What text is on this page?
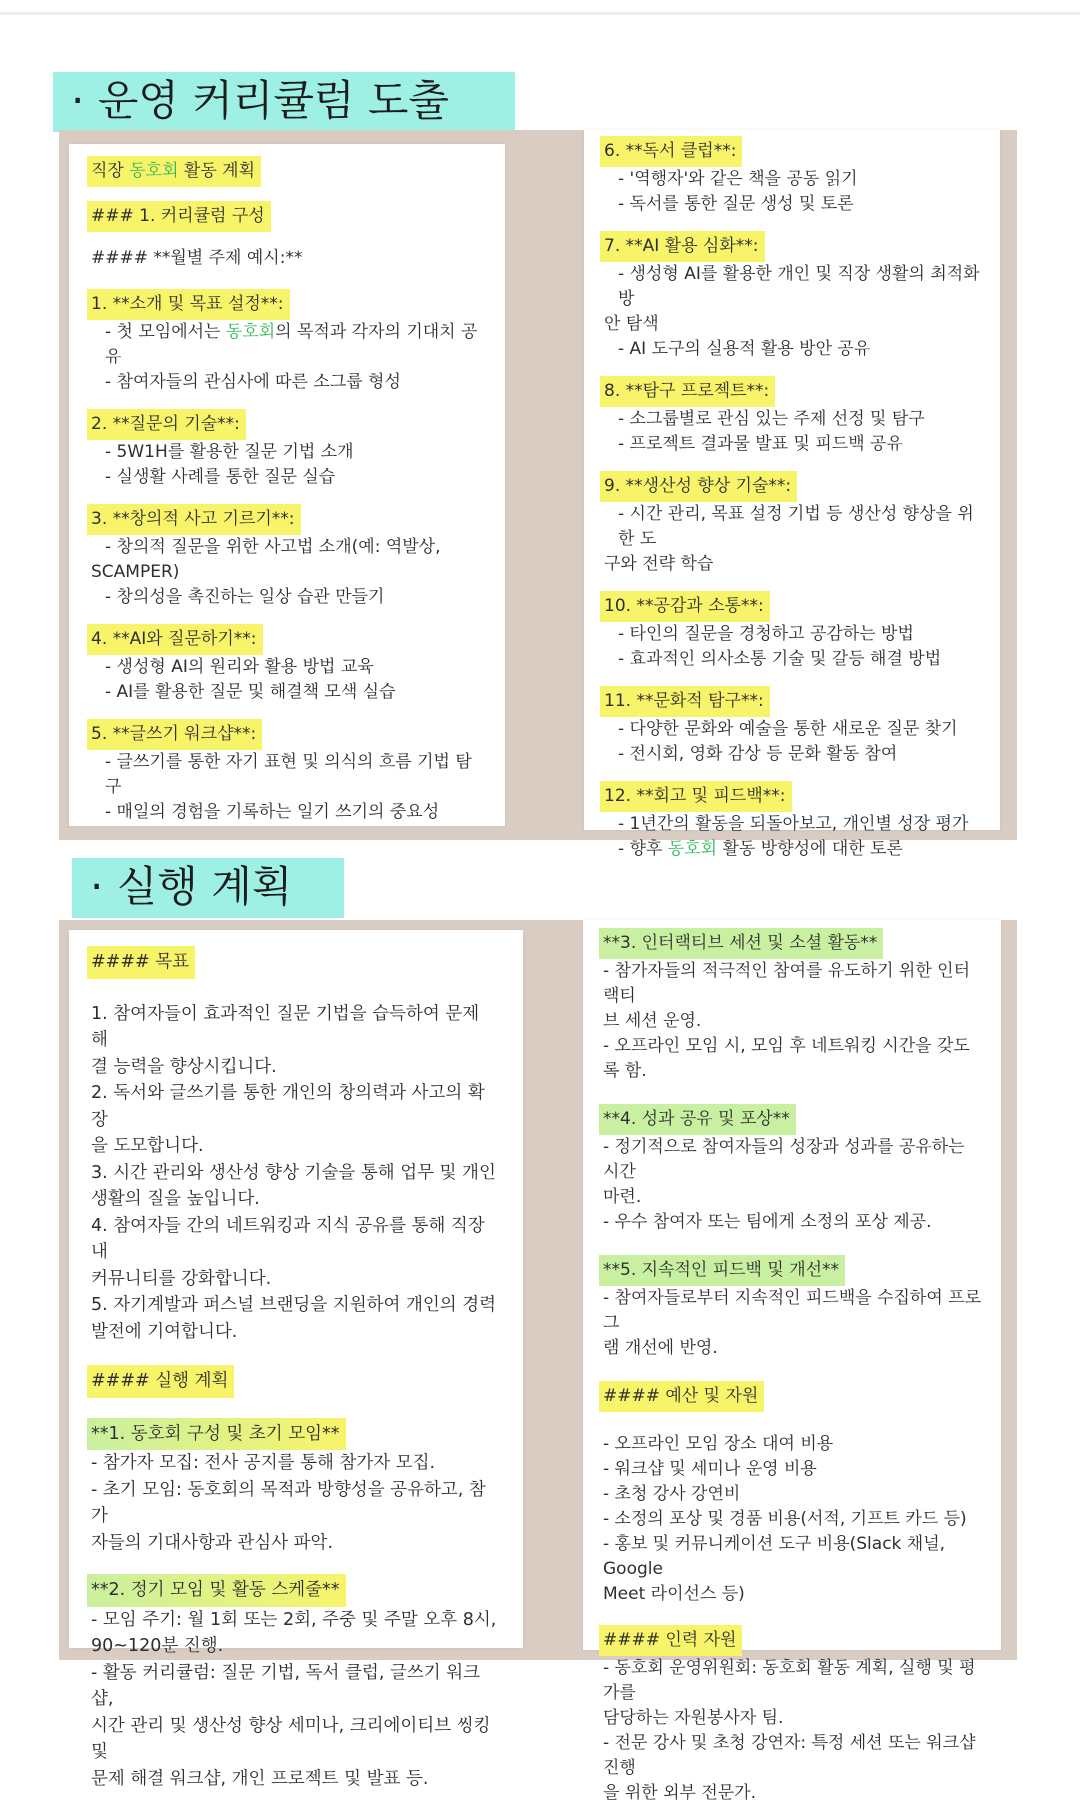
· 운영 커리큘럼 도출
직장 동호회 활동 계획
### 1. 커리큘럼 구성
#### **월별 주제 예시:**
1. **소개 및 목표 설정**:

- 첫 모임에서는 동호회의 목적과 각자의 기대치 공유

- 참여자들의 관심사에 따른 소그룹 형성

2. **질문의 기술**:

- 5W1H를 활용한 질문 기법 소개

- 실생활 사례를 통한 질문 실습

3. **창의적 사고 기르기**:

- 창의적 질문을 위한 사고법 소개(예: 역발상,

SCAMPER)

- 창의성을 촉진하는 일상 습관 만들기

4. **AI와 질문하기**:

- 생성형 AI의 원리와 활용 방법 교육

- AI를 활용한 질문 및 해결책 모색 실습

5. **글쓰기 워크샵**:

- 글쓰기를 통한 자기 표현 및 의식의 흐름 기법 탐구

- 매일의 경험을 기록하는 일기 쓰기의 중요성

6. **독서 클럽**:

- '역행자'와 같은 책을 공동 읽기

- 독서를 통한 질문 생성 및 토론

7. **AI 활용 심화**:

- 생성형 AI를 활용한 개인 및 직장 생활의 최적화 방

안 탐색

- AI 도구의 실용적 활용 방안 공유

8. **탐구 프로젝트**:

- 소그룹별로 관심 있는 주제 선정 및 탐구

- 프로젝트 결과물 발표 및 피드백 공유

9. **생산성 향상 기술**:

- 시간 관리, 목표 설정 기법 등 생산성 향상을 위한 도

구와 전략 학습

10. **공감과 소통**:

- 타인의 질문을 경청하고 공감하는 방법

- 효과적인 의사소통 기술 및 갈등 해결 방법

11. **문화적 탐구**:

- 다양한 문화와 예술을 통한 새로운 질문 찾기

- 전시회, 영화 감상 등 문화 활동 참여

12. **회고 및 피드백**:

- 1년간의 활동을 되돌아보고, 개인별 성장 평가

- 향후 동호회 활동 방향성에 대한 토론

· 실행 계획
#### 목표

1. 참여자들이 효과적인 질문 기법을 습득하여 문제 해

결 능력을 향상시킵니다.

2. 독서와 글쓰기를 통한 개인의 창의력과 사고의 확장

을 도모합니다.

3. 시간 관리와 생산성 향상 기술을 통해 업무 및 개인

생활의 질을 높입니다.

4. 참여자들 간의 네트워킹과 지식 공유를 통해 직장 내

커뮤니티를 강화합니다.

5. 자기계발과 퍼스널 브랜딩을 지원하여 개인의 경력

발전에 기여합니다.

#### 실행 계획
**1. 동호회 구성 및 초기 모임**

- 참가자 모집: 전사 공지를 통해 참가자 모집.

- 초기 모임: 동호회의 목적과 방향성을 공유하고, 참가

자들의 기대사항과 관심사 파악.

**2. 정기 모임 및 활동 스케줄**

- 모임 주기: 월 1회 또는 2회, 주중 및 주말 오후 8시,

90~120분 진행.

- 활동 커리큘럼: 질문 기법, 독서 클럽, 글쓰기 워크샵,

시간 관리 및 생산성 향상 세미나, 크리에이티브 씽킹 및

문제 해결 워크샵, 개인 프로젝트 및 발표 등.

**3. 인터랙티브 세션 및 소셜 활동**

- 참가자들의 적극적인 참여를 유도하기 위한 인터랙티

브 세션 운영.

- 오프라인 모임 시, 모임 후 네트워킹 시간을 갖도록 함.

**4. 성과 공유 및 포상**

- 정기적으로 참여자들의 성장과 성과를 공유하는 시간

마련.

- 우수 참여자 또는 팀에게 소정의 포상 제공.

**5. 지속적인 피드백 및 개선**

- 참여자들로부터 지속적인 피드백을 수집하여 프로그

램 개선에 반영.

#### 예산 및 자원

- 오프라인 모임 장소 대여 비용

- 워크샵 및 세미나 운영 비용

- 초청 강사 강연비

- 소정의 포상 및 경품 비용(서적, 기프트 카드 등)

- 홍보 및 커뮤니케이션 도구 비용(Slack 채널, Google

Meet 라이선스 등)

#### 인력 자원

- 동호회 운영위원회: 동호회 활동 계획, 실행 및 평가를

담당하는 자원봉사자 팀.

- 전문 강사 및 초청 강연자: 특정 세션 또는 워크샵 진행

을 위한 외부 전문가.
